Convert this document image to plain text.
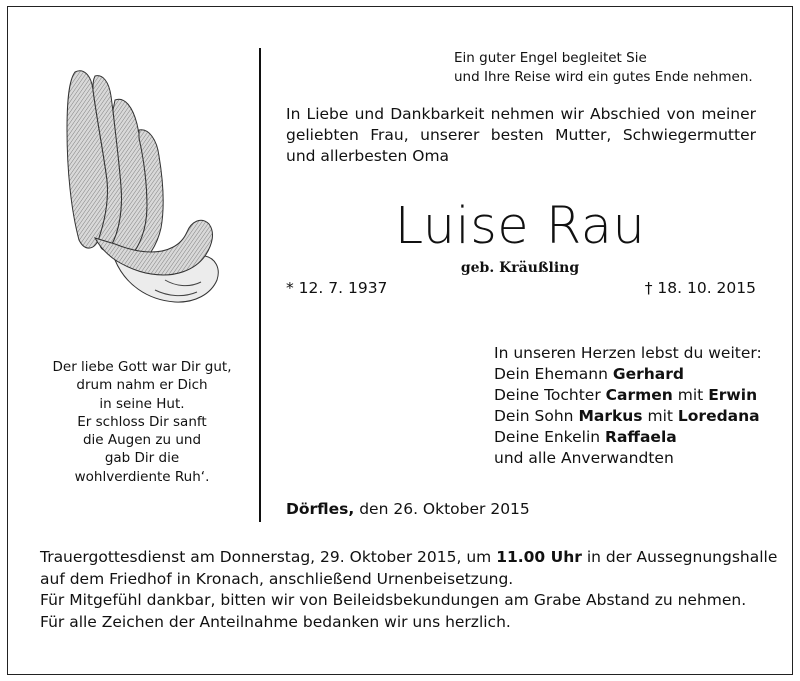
Der liebe Gott war Dir gut,
drum nahm er Dich
in seine Hut.
Er schloss Dir sanft
die Augen zu und
gab Dir die
wohlverdiente Ruh‘.
Ein guter Engel begleitet Sie
und Ihre Reise wird ein gutes Ende nehmen.
In Liebe und Dankbarkeit nehmen wir Abschied von meiner geliebten Frau, unserer besten Mutter, Schwiegermutter und allerbesten Oma
Luise Rau
geb. Kräußling
* 12. 7. 1937	† 18. 10. 2015
In unseren Herzen lebst du weiter:
Dein Ehemann Gerhard
Deine Tochter Carmen mit Erwin
Dein Sohn Markus mit Loredana
Deine Enkelin Raffaela
und alle Anverwandten
Dörfles, den 26. Oktober 2015

Trauergottesdienst am Donnerstag, 29. Oktober 2015, um 11.00 Uhr in der Aussegnungshalle auf dem Friedhof in Kronach, anschließend Urnenbeisetzung.

Für Mitgefühl dankbar, bitten wir von Beileidsbekundungen am Grabe Abstand zu nehmen.

Für alle Zeichen der Anteilnahme bedanken wir uns herzlich.
